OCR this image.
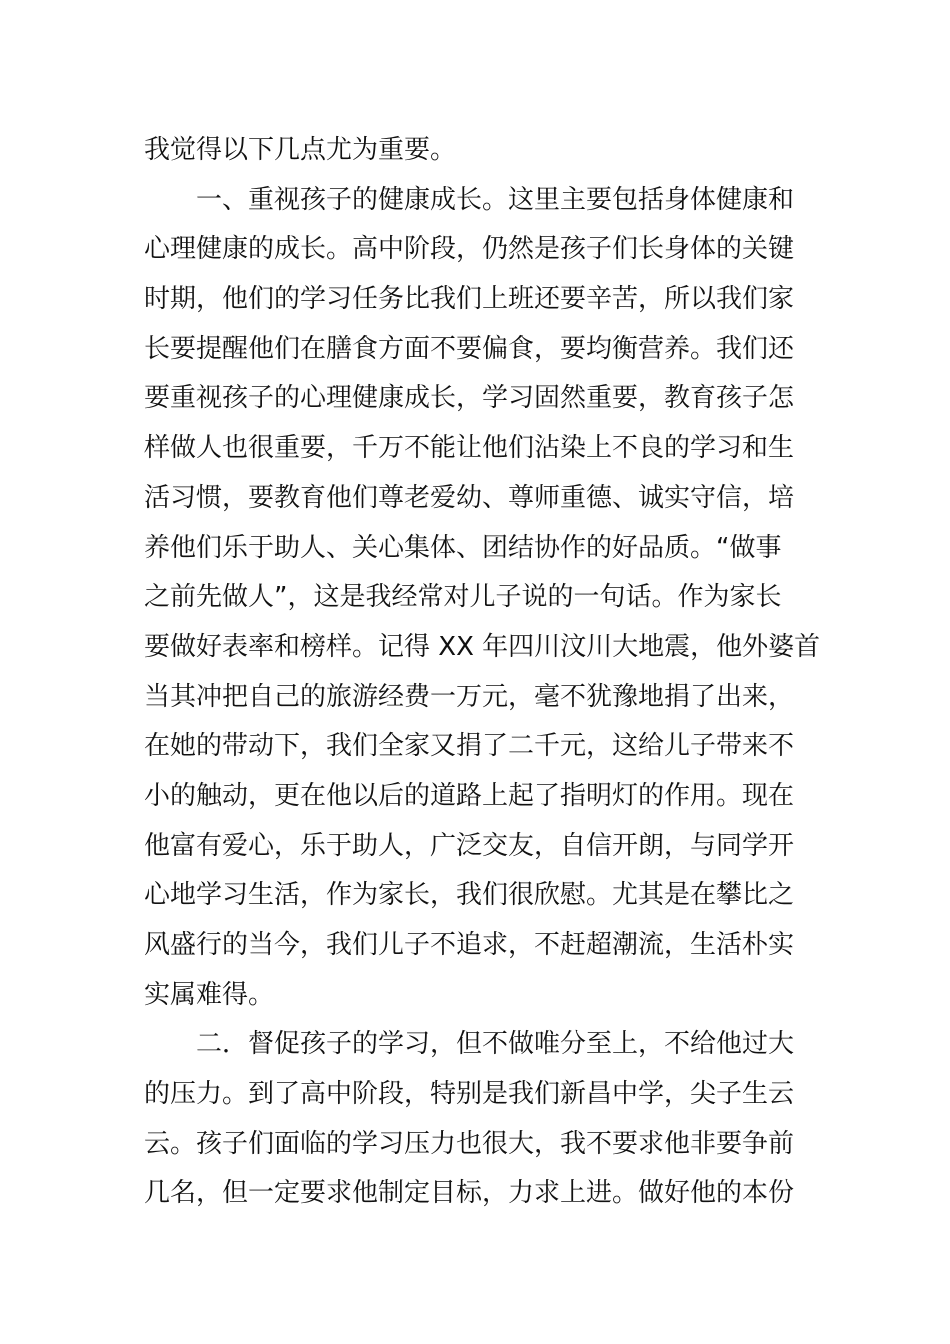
我觉得以下几点尤为重要。
一、重视孩子的健康成长。这里主要包括身体健康和
心理健康的成长。高中阶段，仍然是孩子们长身体的关键
时期，他们的学习任务比我们上班还要辛苦，所以我们家
长要提醒他们在膳食方面不要偏食，要均衡营养。我们还
要重视孩子的心理健康成长，学习固然重要，教育孩子怎
样做人也很重要，千万不能让他们沾染上不良的学习和生
活习惯，要教育他们尊老爱幼、尊师重德、诚实守信，培
养他们乐于助人、关心集体、团结协作的好品质。“做事
之前先做人”，这是我经常对儿子说的一句话。作为家长
要做好表率和榜样。记得 XX 年四川汶川大地震，他外婆首
当其冲把自己的旅游经费一万元，毫不犹豫地捐了出来，
在她的带动下，我们全家又捐了二千元，这给儿子带来不
小的触动，更在他以后的道路上起了指明灯的作用。现在
他富有爱心，乐于助人，广泛交友，自信开朗，与同学开
心地学习生活，作为家长，我们很欣慰。尤其是在攀比之
风盛行的当今，我们儿子不追求，不赶超潮流，生活朴实
实属难得。
二．督促孩子的学习，但不做唯分至上，不给他过大
的压力。到了高中阶段，特别是我们新昌中学，尖子生云
云。孩子们面临的学习压力也很大，我不要求他非要争前
几名，但一定要求他制定目标，力求上进。做好他的本份
